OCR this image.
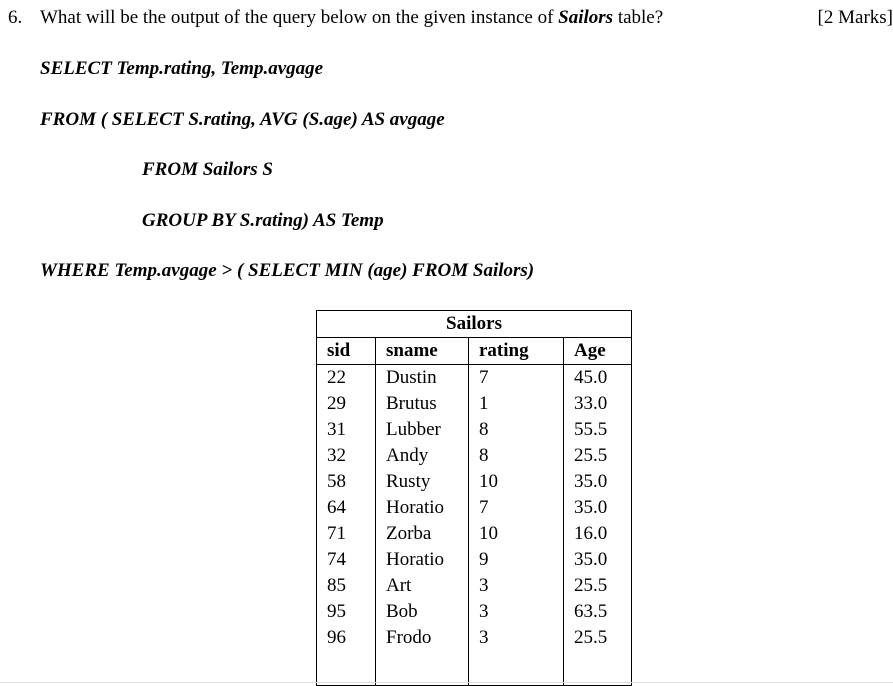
6. What will be the output of the query below on the given instance of Sailors table?	[2 Marks]
SELECT Temp.rating, Temp.avgage
FROM ( SELECT S.rating, AVG (S.age) AS avgage
FROM Sailors S
GROUP BY S.rating) AS Temp
WHERE Temp.avgage > ( SELECT MIN (age) FROM Sailors)
Sailors			
sid	sname	rating	Age
22	Dustin	7	45.0
29	Brutus	1	33.0
31	Lubber	8	55.5
32	Andy	8	25.5
58	Rusty	10	35.0
64	Horatio	7	35.0
71	Zorba	10	16.0
74	Horatio	9	35.0
85	Art	3	25.5
95	Bob	3	63.5
96	Frodo	3	25.5
